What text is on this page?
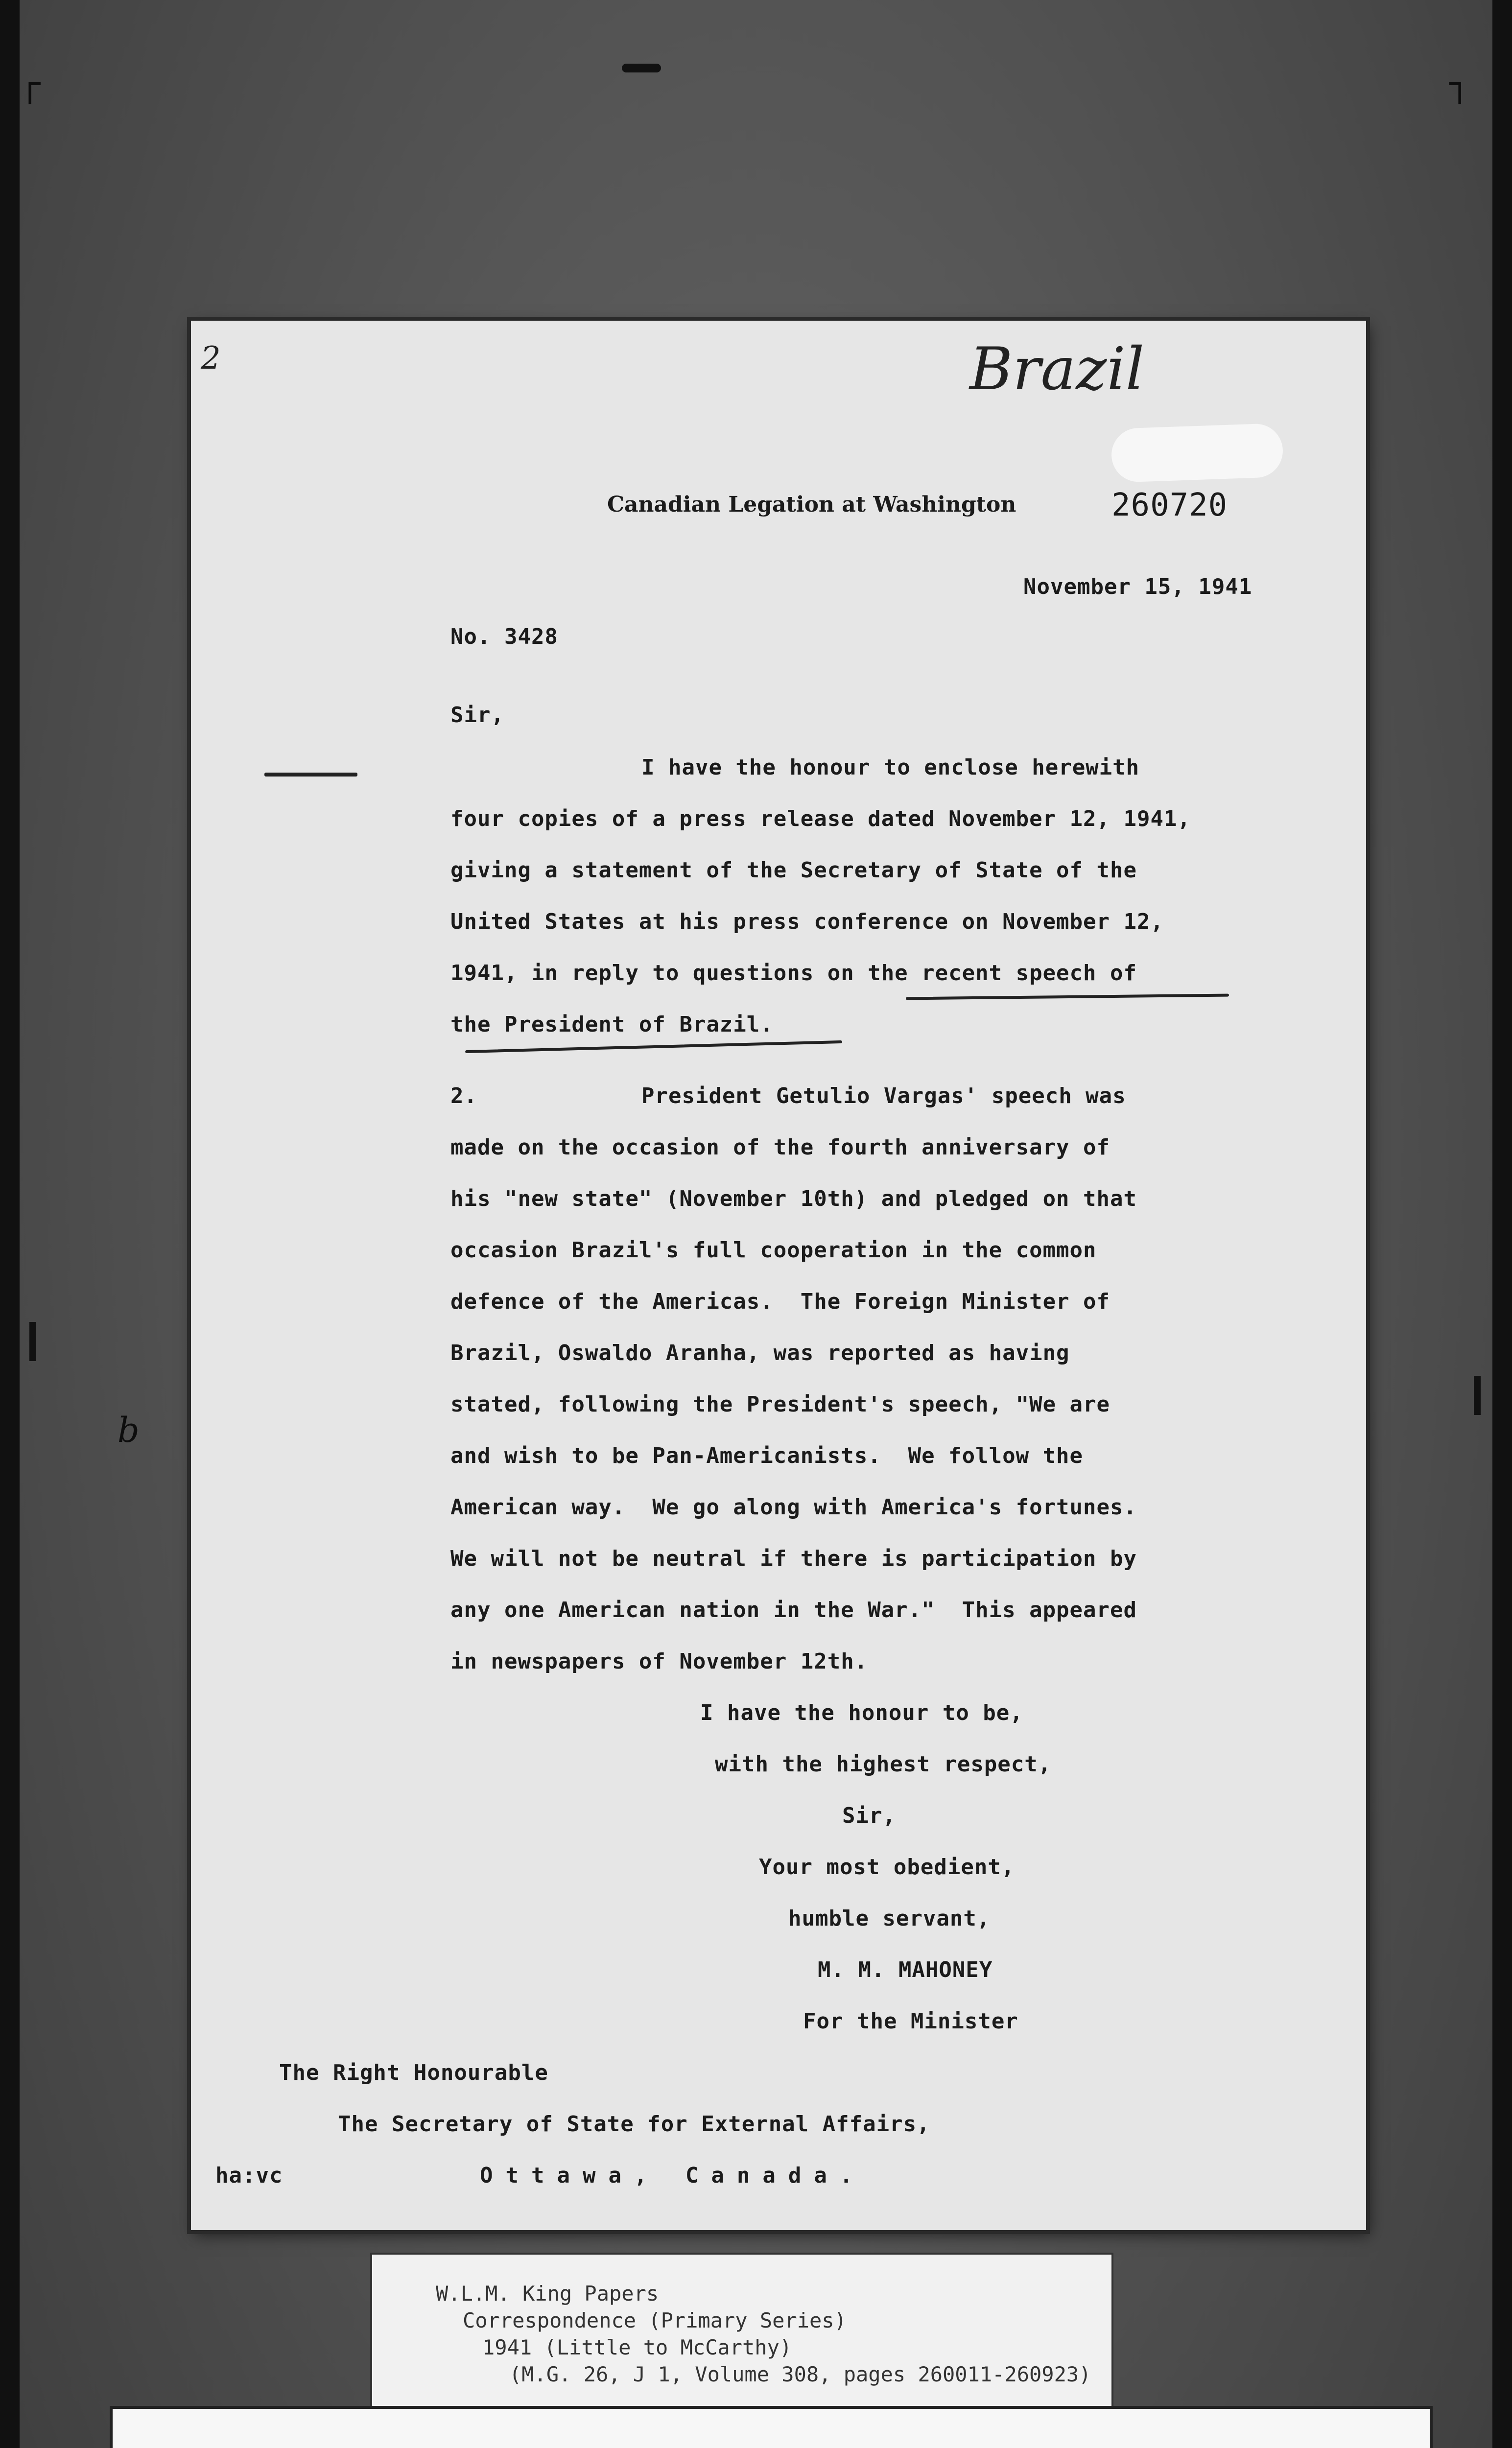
┌	┐
b
2	Brazil
Canadian Legation at Washington	260720
November 15, 1941
No. 3428
Sir,
I have the honour to enclose herewith
four copies of a press release dated November 12, 1941,
giving a statement of the Secretary of State of the
United States at his press conference on November 12,
1941, in reply to questions on the recent speech of
the President of Brazil.
2.	President Getulio Vargas' speech was
made on the occasion of the fourth anniversary of
his "new state" (November 10th) and pledged on that
occasion Brazil's full cooperation in the common
defence of the Americas.  The Foreign Minister of
Brazil, Oswaldo Aranha, was reported as having
stated, following the President's speech, "We are
and wish to be Pan-Americanists.  We follow the
American way.  We go along with America's fortunes.
We will not be neutral if there is participation by
any one American nation in the War."  This appeared
in newspapers of November 12th.
I have the honour to be,
with the highest respect,
Sir,
Your most obedient,
humble servant,
M. M. MAHONEY
For the Minister
The Right Honourable
The Secretary of State for External Affairs,
Ottawa, Canada.
ha:vc
W.L.M. King Papers
Correspondence (Primary Series)
1941 (Little to McCarthy)
(M.G. 26, J 1, Volume 308, pages 260011-260923)
